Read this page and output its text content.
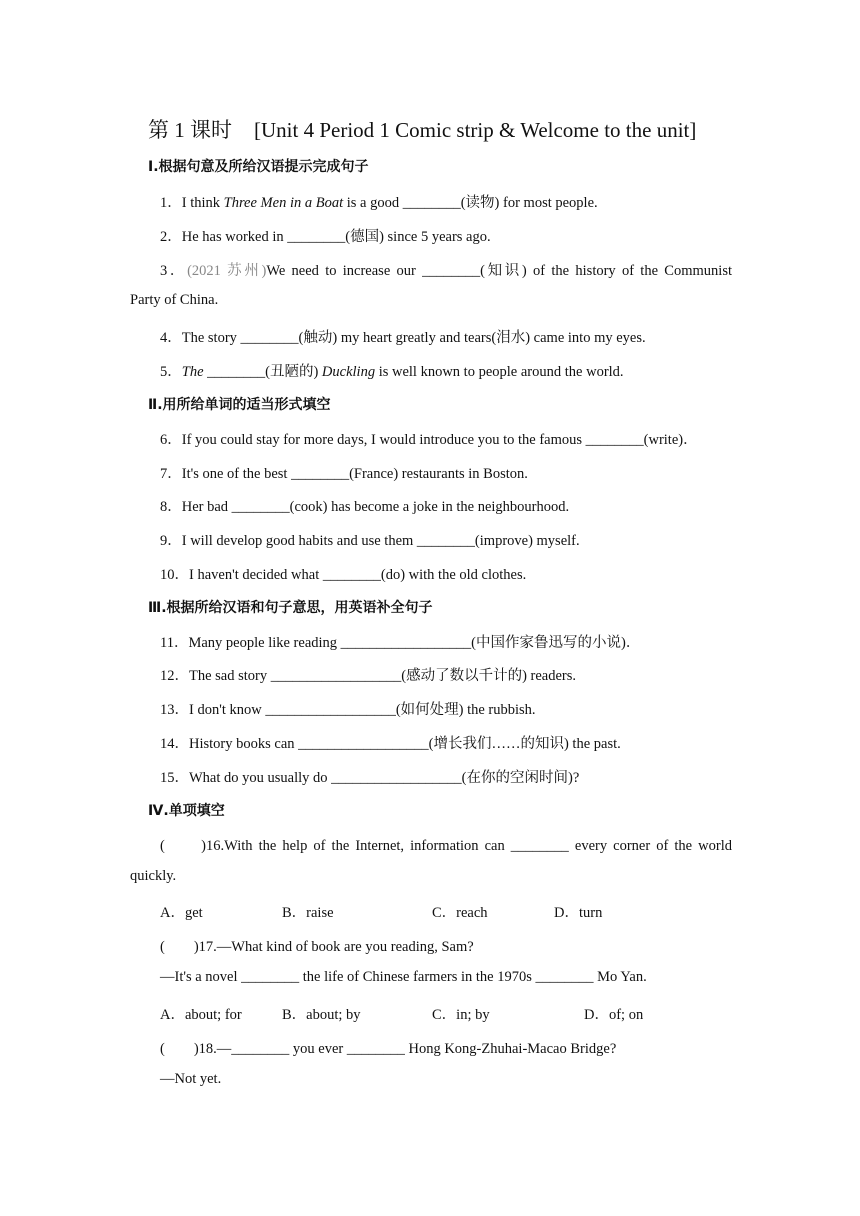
第 1 课时 [Unit 4 Period 1 Comic strip & Welcome to the unit]
Ⅰ.根据句意及所给汉语提示完成句子
1．I think Three Men in a Boat is a good ________(读物) for most people.
2．He has worked in ________(德国) since 5 years ago.
3．(2021 苏州)We need to increase our ________(知识) of the history of the Communist
Party of China.
4．The story ________(触动) my heart greatly and tears(泪水) came into my eyes.
5．The ________(丑陋的) Duckling is well known to people around the world.
Ⅱ.用所给单词的适当形式填空
6．If you could stay for more days, I would introduce you to the famous ________(write)．
7．It's one of the best ________(France) restaurants in Boston.
8．Her bad ________(cook) has become a joke in the neighbourhood.
9．I will develop good habits and use them ________(improve) myself.
10．I haven't decided what ________(do) with the old clothes.
Ⅲ.根据所给汉语和句子意思，用英语补全句子
11．Many people like reading __________________(中国作家鲁迅写的小说)．
12．The sad story __________________(感动了数以千计的) readers.
13．I don't know __________________(如何处理) the rubbish.
14．History books can __________________(增长我们……的知识) the past.
15．What do you usually do __________________(在你的空闲时间)?
Ⅳ.单项填空
(　　)16.With the help of the Internet, information can ________ every corner of the world
quickly.
A．get	B．raise	C．reach	D．turn
(　　)17.—What kind of book are you reading, Sam?
—It's a novel ________ the life of Chinese farmers in the 1970s ________ Mo Yan.
A．about; for	B．about; by	C．in; by	D．of; on
(　　)18.—________ you ever ________ Hong Kong-Zhuhai-Macao Bridge?
—Not yet.
